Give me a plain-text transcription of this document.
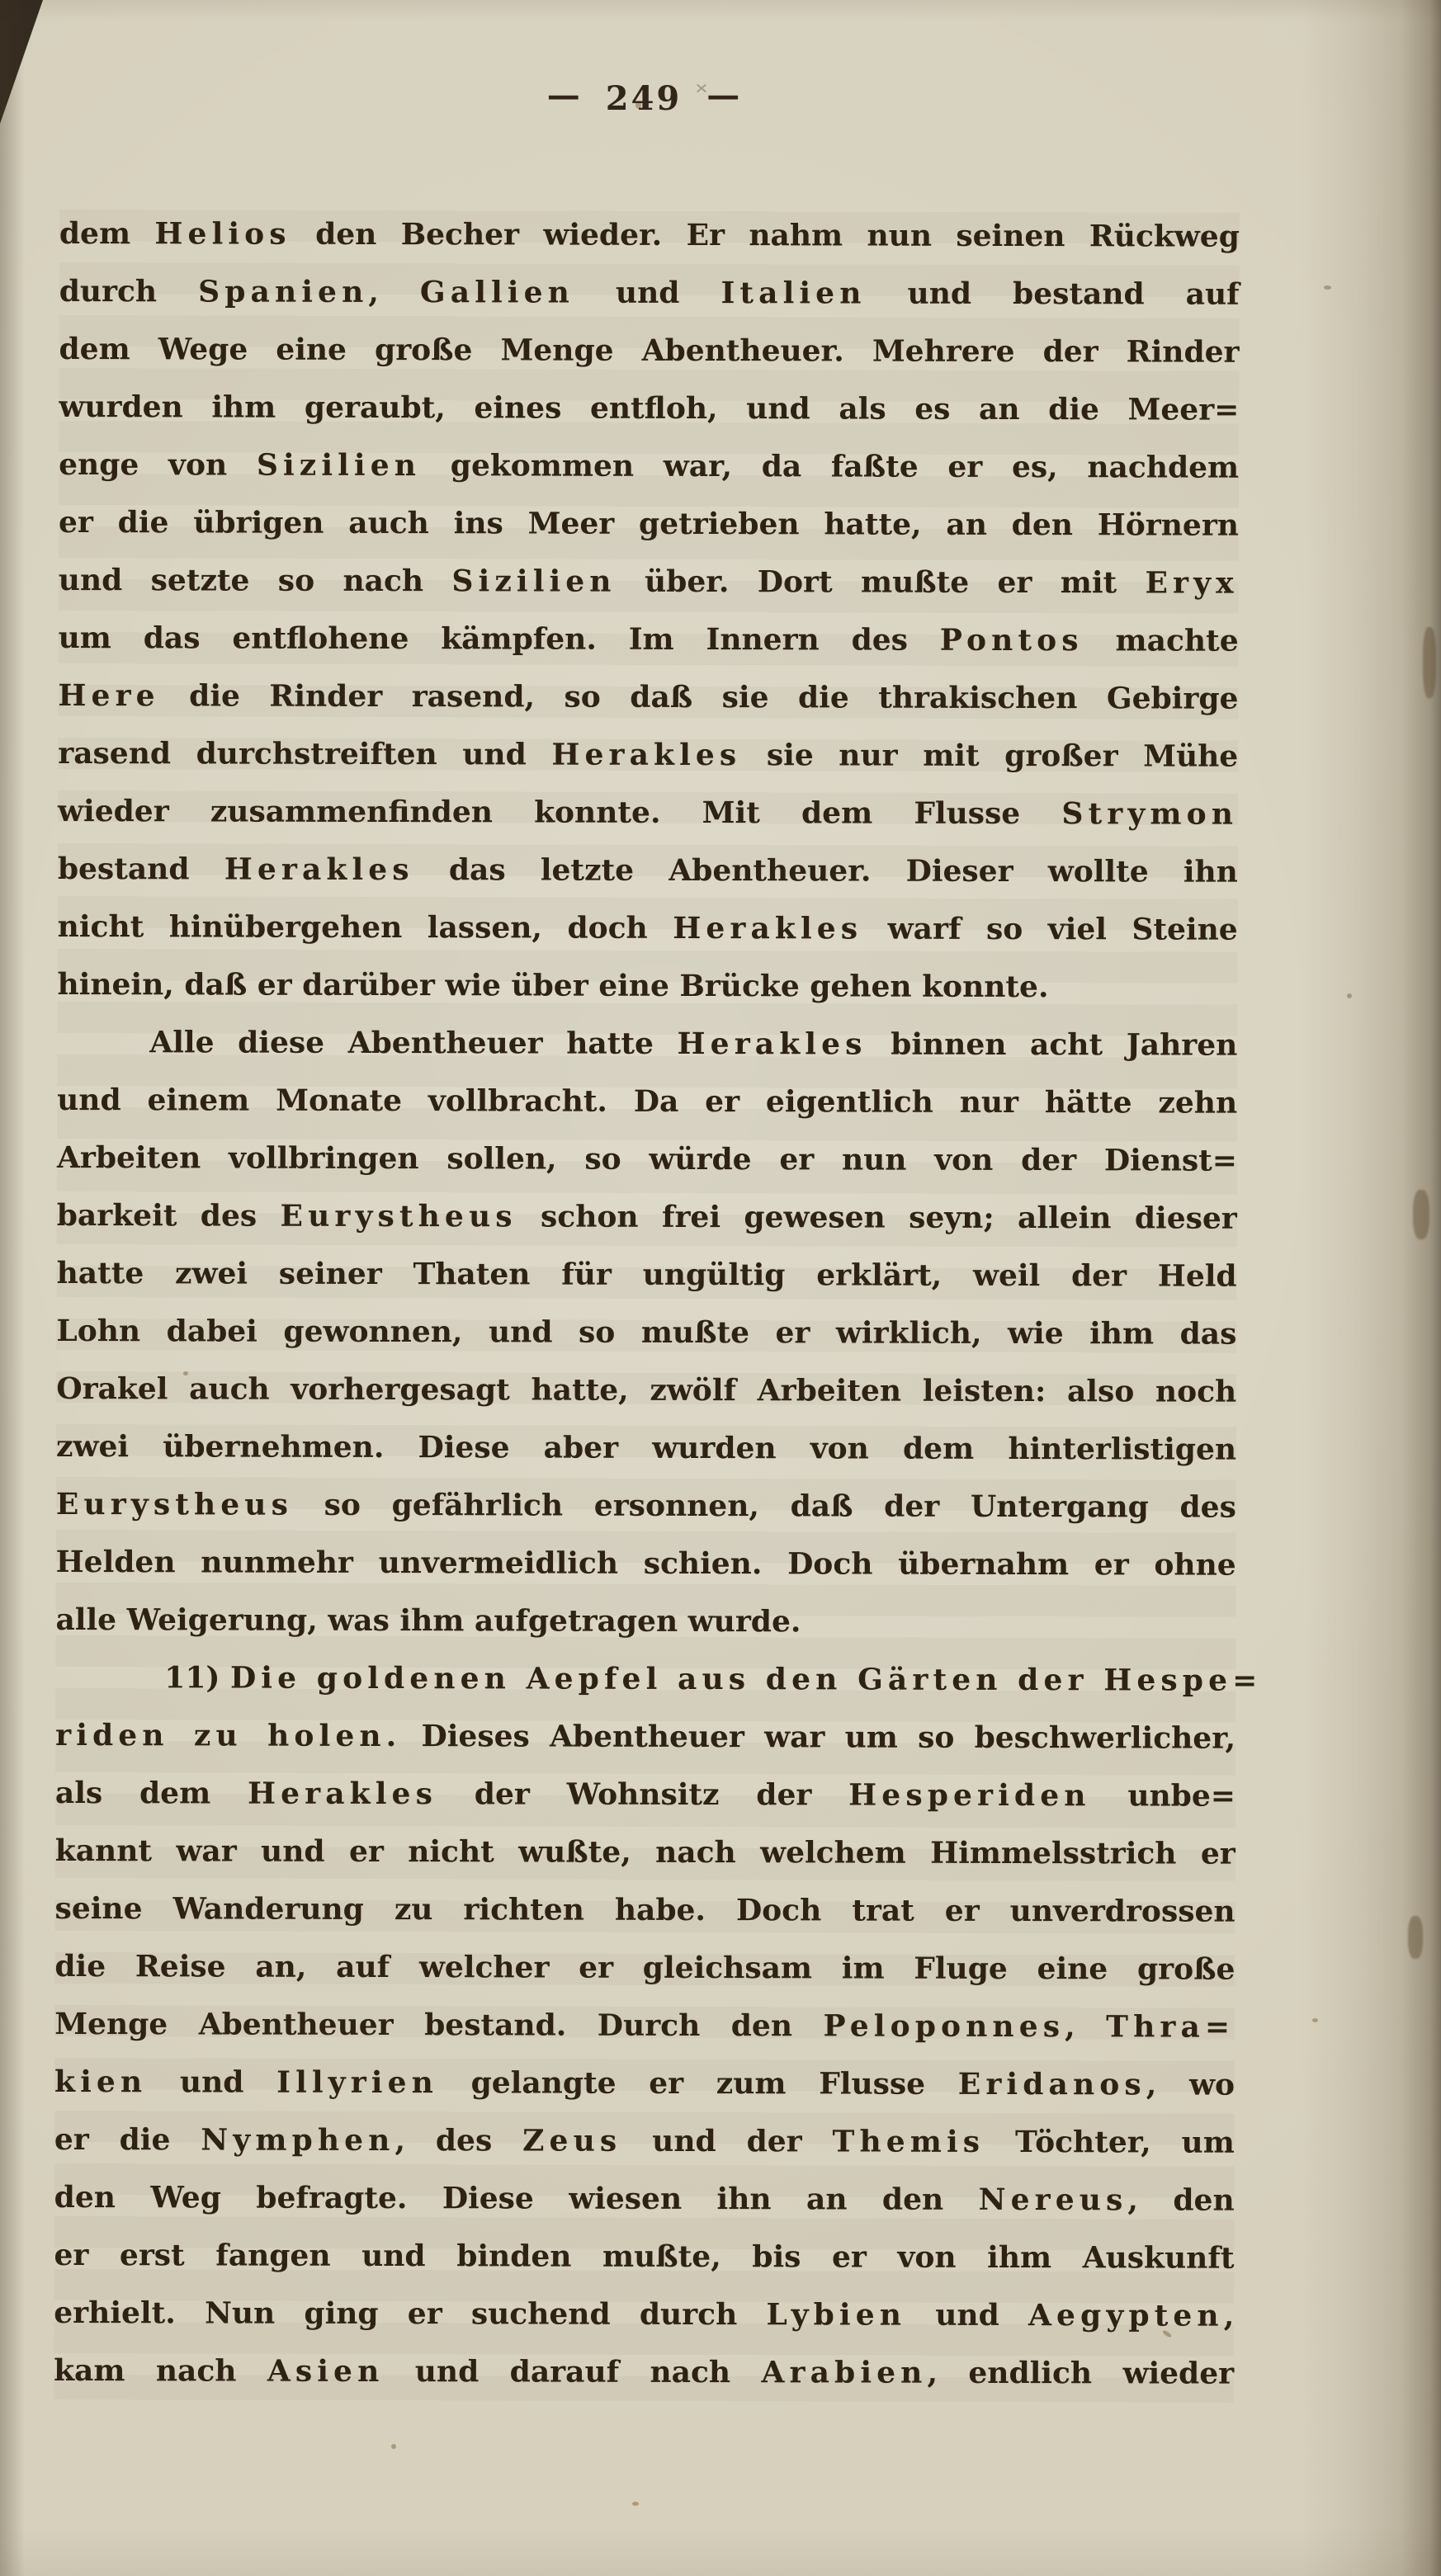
— 249 —
dem Helios den Becher wieder. Er nahm nun seinen Rückweg
durch Spanien, Gallien und Italien und bestand auf
dem Wege eine große Menge Abentheuer. Mehrere der Rinder
wurden ihm geraubt, eines entfloh, und als es an die Meer=
enge von Sizilien gekommen war, da faßte er es, nachdem
er die übrigen auch ins Meer getrieben hatte, an den Hörnern
und setzte so nach Sizilien über. Dort mußte er mit Eryx
um das entflohene kämpfen. Im Innern des Pontos machte
Here die Rinder rasend, so daß sie die thrakischen Gebirge
rasend durchstreiften und Herakles sie nur mit großer Mühe
wieder zusammenfinden konnte. Mit dem Flusse Strymon
bestand Herakles das letzte Abentheuer. Dieser wollte ihn
nicht hinübergehen lassen, doch Herakles warf so viel Steine
hinein, daß er darüber wie über eine Brücke gehen konnte.
Alle diese Abentheuer hatte Herakles binnen acht Jahren
und einem Monate vollbracht. Da er eigentlich nur hätte zehn
Arbeiten vollbringen sollen, so würde er nun von der Dienst=
barkeit des Eurystheus schon frei gewesen seyn; allein dieser
hatte zwei seiner Thaten für ungültig erklärt, weil der Held
Lohn dabei gewonnen, und so mußte er wirklich, wie ihm das
Orakel auch vorhergesagt hatte, zwölf Arbeiten leisten: also noch
zwei übernehmen. Diese aber wurden von dem hinterlistigen
Eurystheus so gefährlich ersonnen, daß der Untergang des
Helden nunmehr unvermeidlich schien. Doch übernahm er ohne
alle Weigerung, was ihm aufgetragen wurde.
11) Die goldenen Aepfel aus den Gärten der Hespe=
riden zu holen. Dieses Abentheuer war um so beschwerlicher,
als dem Herakles der Wohnsitz der Hesperiden unbe=
kannt war und er nicht wußte, nach welchem Himmelsstrich er
seine Wanderung zu richten habe. Doch trat er unverdrossen
die Reise an, auf welcher er gleichsam im Fluge eine große
Menge Abentheuer bestand. Durch den Peloponnes, Thra=
kien und Illyrien gelangte er zum Flusse Eridanos, wo
er die Nymphen, des Zeus und der Themis Töchter, um
den Weg befragte. Diese wiesen ihn an den Nereus, den
er erst fangen und binden mußte, bis er von ihm Auskunft
erhielt. Nun ging er suchend durch Lybien und Aegypten,
kam nach Asien und darauf nach Arabien, endlich wieder
